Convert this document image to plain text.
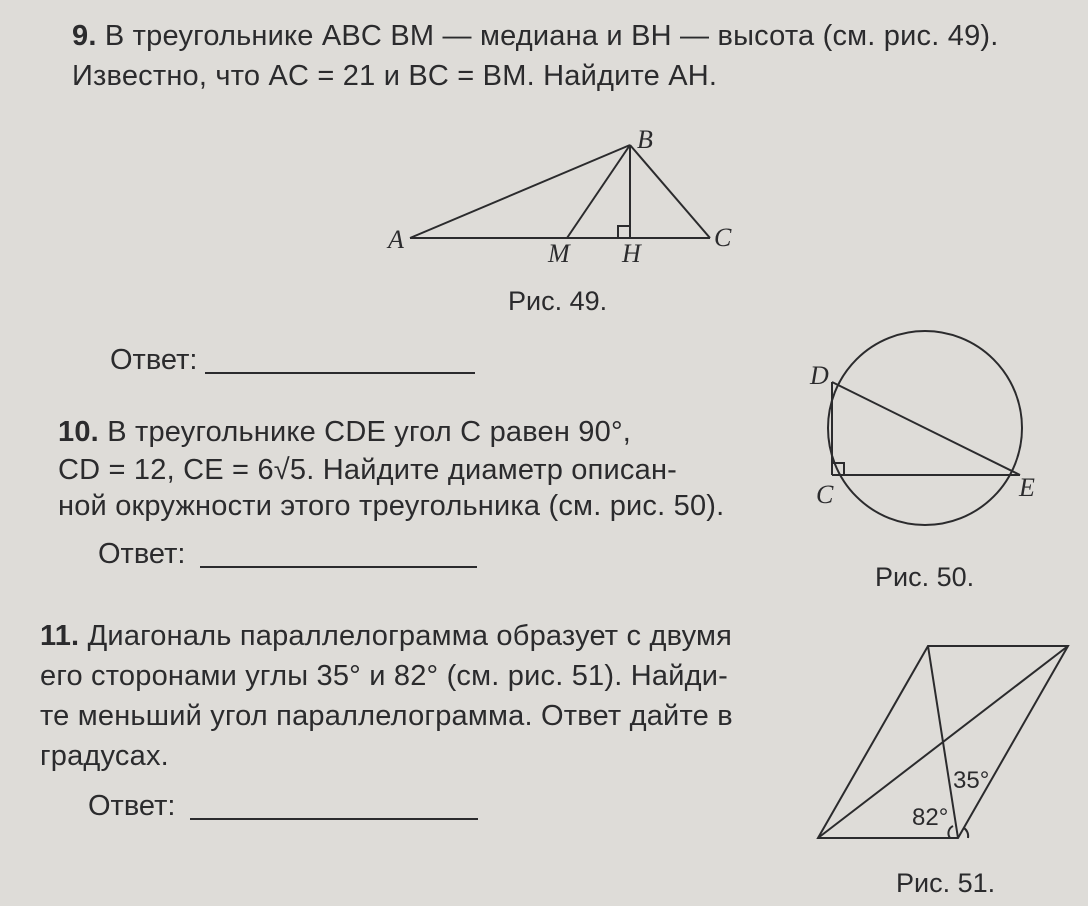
9. В треугольнике ABC BM — медиана и BH — высота (см. рис. 49).
Известно, что AC = 21 и BC = BM. Найдите AH.
Рис. 49.
Ответ:
10. В треугольнике CDE угол C равен 90°,
CD = 12, CE = 6√5. Найдите диаметр описан-
ной окружности этого треугольника (см. рис. 50).
Ответ:
Рис. 50.
11. Диагональ параллелограмма образует с двумя
его сторонами углы 35° и 82° (см. рис. 51). Найди-
те меньший угол параллелограмма. Ответ дайте в
градусах.
Ответ:
Рис. 51.
B
A	C
M H
D
C	E
35°
82°
